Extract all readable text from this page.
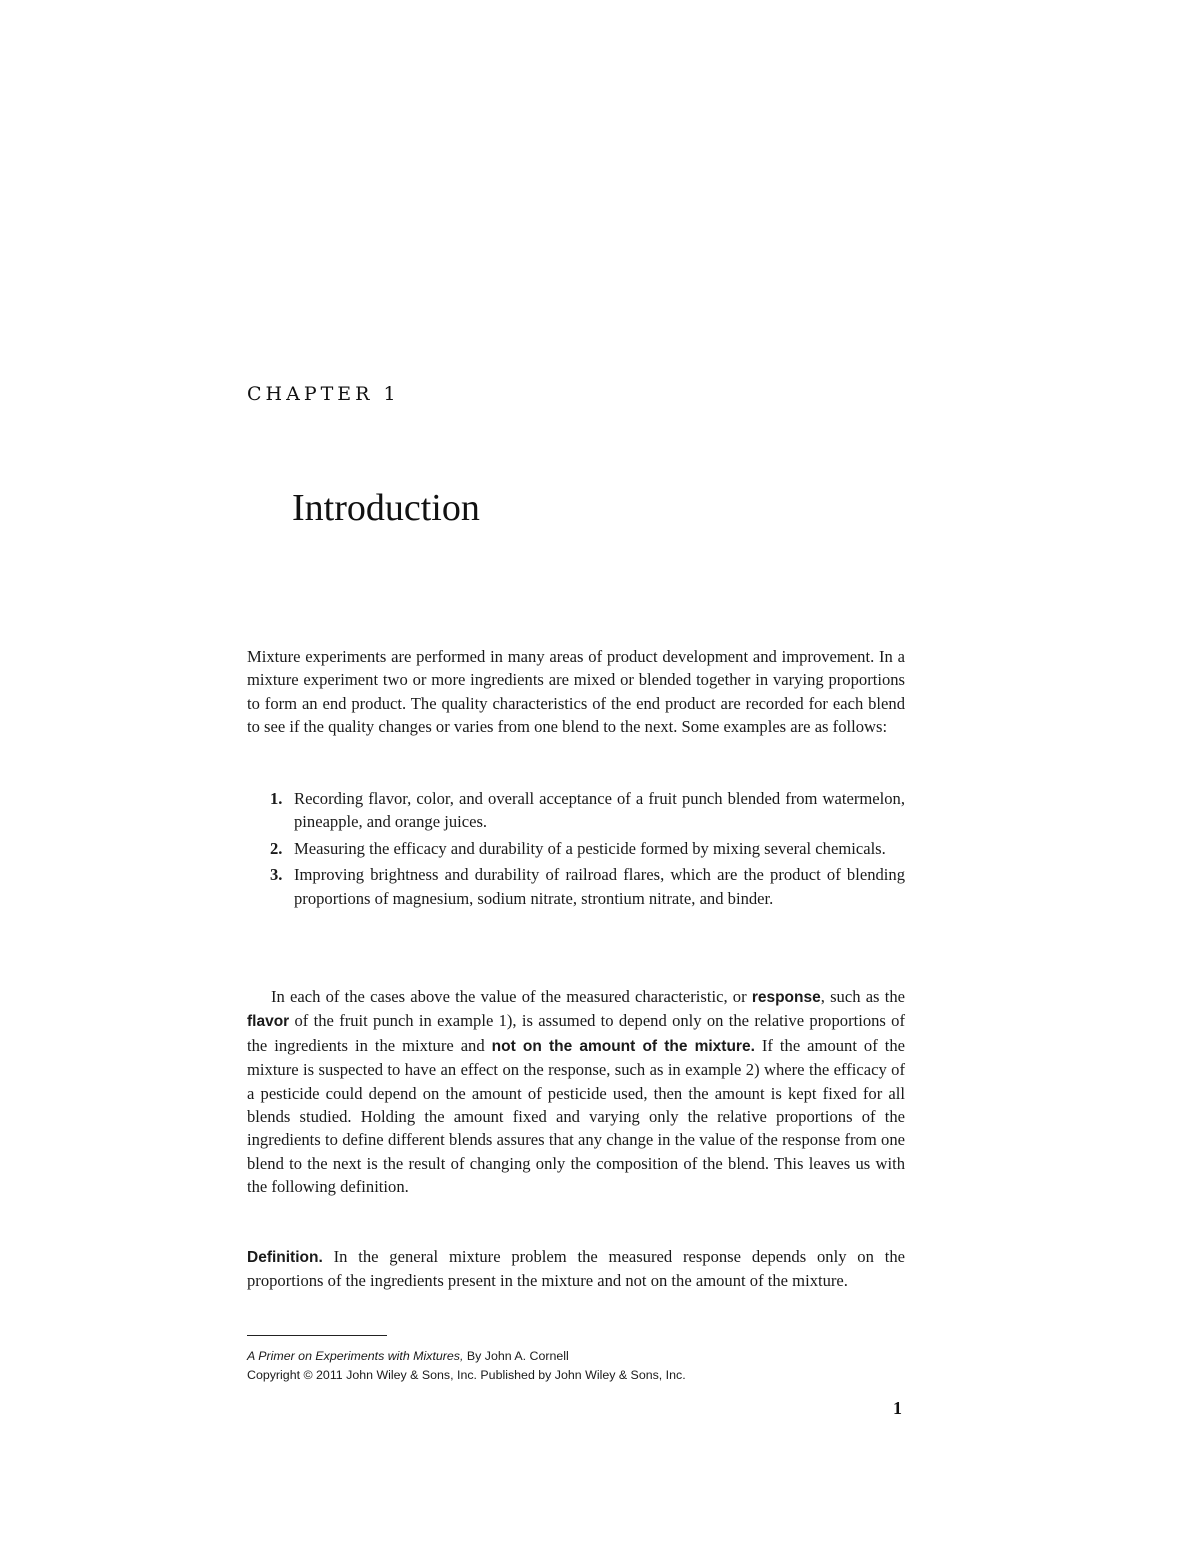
CHAPTER 1
Introduction

Mixture experiments are performed in many areas of product development and improvement. In a mixture experiment two or more ingredients are mixed or blended together in varying proportions to form an end product. The quality characteristics of the end product are recorded for each blend to see if the quality changes or varies from one blend to the next. Some examples are as follows:

1. Recording flavor, color, and overall acceptance of a fruit punch blended from watermelon, pineapple, and orange juices.
2. Measuring the efficacy and durability of a pesticide formed by mixing several chemicals.
3. Improving brightness and durability of railroad flares, which are the product of blending proportions of magnesium, sodium nitrate, strontium nitrate, and binder.

In each of the cases above the value of the measured characteristic, or response, such as the flavor of the fruit punch in example 1), is assumed to depend only on the relative proportions of the ingredients in the mixture and not on the amount of the mixture. If the amount of the mixture is suspected to have an effect on the response, such as in example 2) where the efficacy of a pesticide could depend on the amount of pesticide used, then the amount is kept fixed for all blends studied. Holding the amount fixed and varying only the relative proportions of the ingredients to define different blends assures that any change in the value of the response from one blend to the next is the result of changing only the composition of the blend. This leaves us with the following definition.

Definition. In the general mixture problem the measured response depends only on the proportions of the ingredients present in the mixture and not on the amount of the mixture.

A Primer on Experiments with Mixtures, By John A. Cornell
Copyright © 2011 John Wiley & Sons, Inc. Published by John Wiley & Sons, Inc.
1
